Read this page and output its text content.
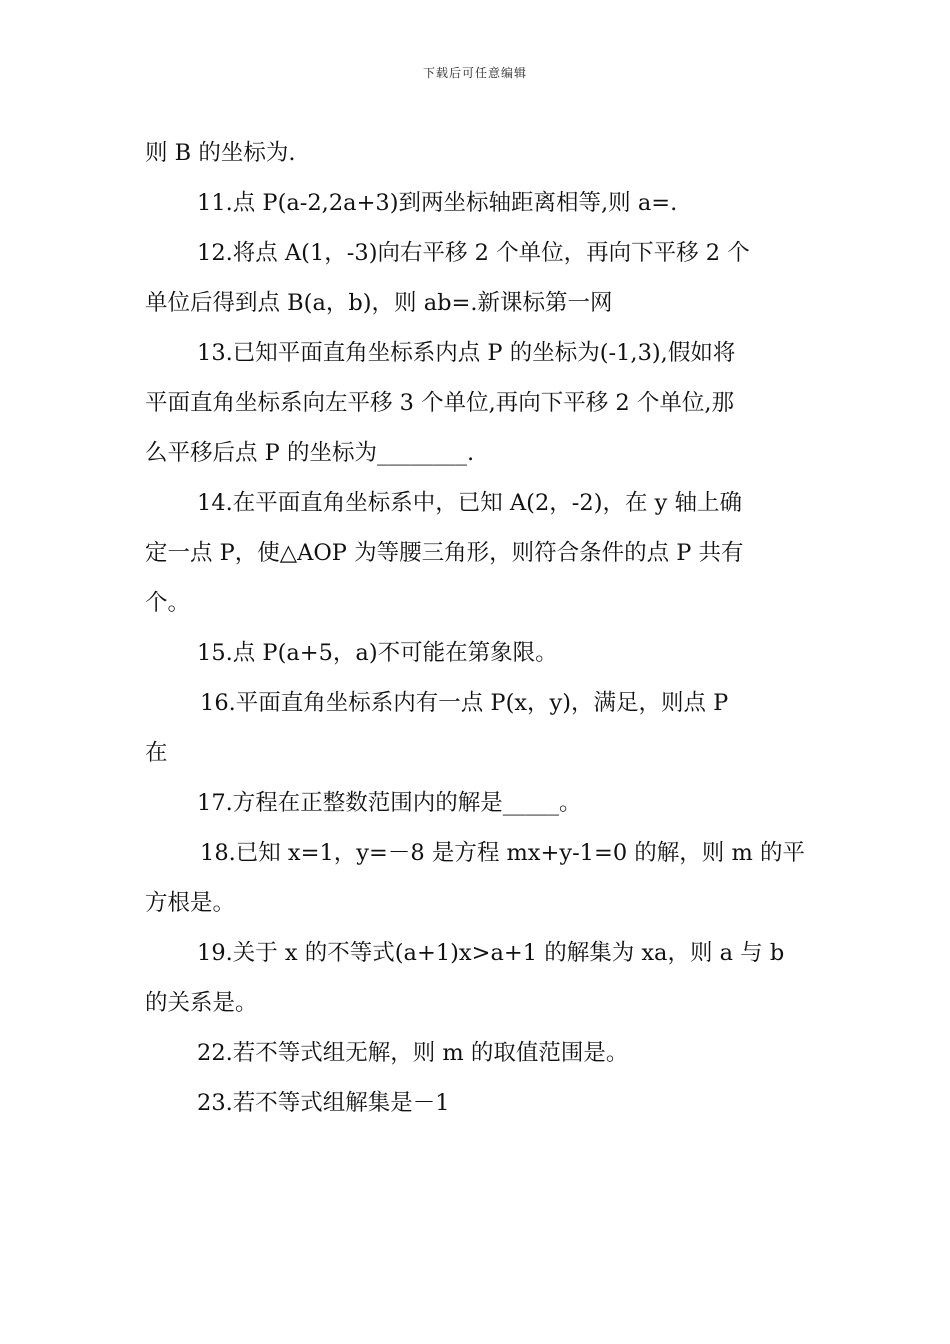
下载后可任意编辑

则 B 的坐标为.

11.点 P(a-2,2a+3)到两坐标轴距离相等,则 a=.

12.将点 A(1，-3)向右平移 2 个单位，再向下平移 2 个

单位后得到点 B(a，b)，则 ab=.新课标第一网

13.已知平面直角坐标系内点 P 的坐标为(-1,3),假如将

平面直角坐标系向左平移 3 个单位,再向下平移 2 个单位,那

么平移后点 P 的坐标为________.

14.在平面直角坐标系中，已知 A(2，-2)，在 y 轴上确

定一点 P，使△AOP 为等腰三角形，则符合条件的点 P 共有

个。

15.点 P(a+5，a)不可能在第象限。

16.平面直角坐标系内有一点 P(x，y)，满足，则点 P

在

17.方程在正整数范围内的解是_____。

18.已知 x=1，y=－8 是方程 mx+y-1=0 的解，则 m 的平

方根是。

19.关于 x 的不等式(a+1)x>a+1 的解集为 xa，则 a 与 b

的关系是。

22.若不等式组无解，则 m 的取值范围是。

23.若不等式组解集是－1
